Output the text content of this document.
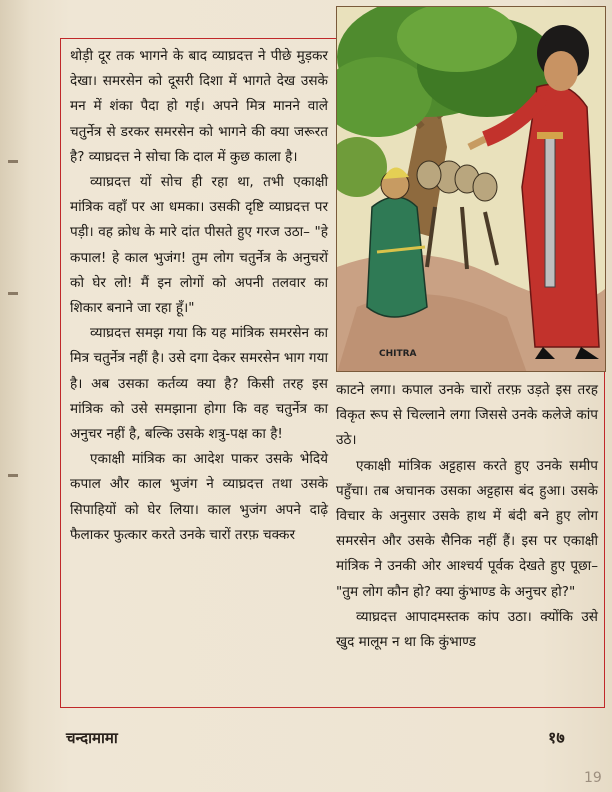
थोड़ी दूर तक भागने के बाद व्याघ्रदत्त ने पीछे मुड़कर देखा। समरसेन को दूसरी दिशा में भागते देख उसके मन में शंका पैदा हो गई। अपने मित्र मानने वाले चतुर्नेत्र से डरकर समरसेन को भागने की क्या जरूरत है? व्याघ्रदत्त ने सोचा कि दाल में कुछ काला है।

व्याघ्रदत्त यों सोच ही रहा था, तभी एकाक्षी मांत्रिक वहाँ पर आ धमका। उसकी दृष्टि व्याघ्रदत्त पर पड़ी। वह क्रोध के मारे दांत पीसते हुए गरज उठा– "हे कपाल! हे काल भुजंग! तुम लोग चतुर्नेत्र के अनुचरों को घेर लो! मैं इन लोगों को अपनी तलवार का शिकार बनाने जा रहा हूँ।"

व्याघ्रदत्त समझ गया कि यह मांत्रिक समरसेन का मित्र चतुर्नेत्र नहीं है। उसे दगा देकर समरसेन भाग गया है। अब उसका कर्तव्य क्या है? किसी तरह इस मांत्रिक को उसे समझाना होगा कि वह चतुर्नेत्र का अनुचर नहीं है, बल्कि उसके शत्रु-पक्ष का है!

एकाक्षी मांत्रिक का आदेश पाकर उसके भेदिये कपाल और काल भुजंग ने व्याघ्रदत्त तथा उसके सिपाहियों को घेर लिया। काल भुजंग अपने दाढ़े फैलाकर फुत्कार करते उनके चारों तरफ़ चक्कर

CHITRA

काटने लगा। कपाल उनके चारों तरफ़ उड़ते इस तरह विकृत रूप से चिल्लाने लगा जिससे उनके कलेजे कांप उठे।

एकाक्षी मांत्रिक अट्टहास करते हुए उनके समीप पहुँचा। तब अचानक उसका अट्टहास बंद हुआ। उसके विचार के अनुसार उसके हाथ में बंदी बने हुए लोग समरसेन और उसके सैनिक नहीं हैं। इस पर एकाक्षी मांत्रिक ने उनकी ओर आश्चर्य पूर्वक देखते हुए पूछा– "तुम लोग कौन हो? क्या कुंभाण्ड के अनुचर हो?"

व्याघ्रदत्त आपादमस्तक कांप उठा। क्योंकि उसे खुद मालूम न था कि कुंभाण्ड

चन्दामामा	१७
19
